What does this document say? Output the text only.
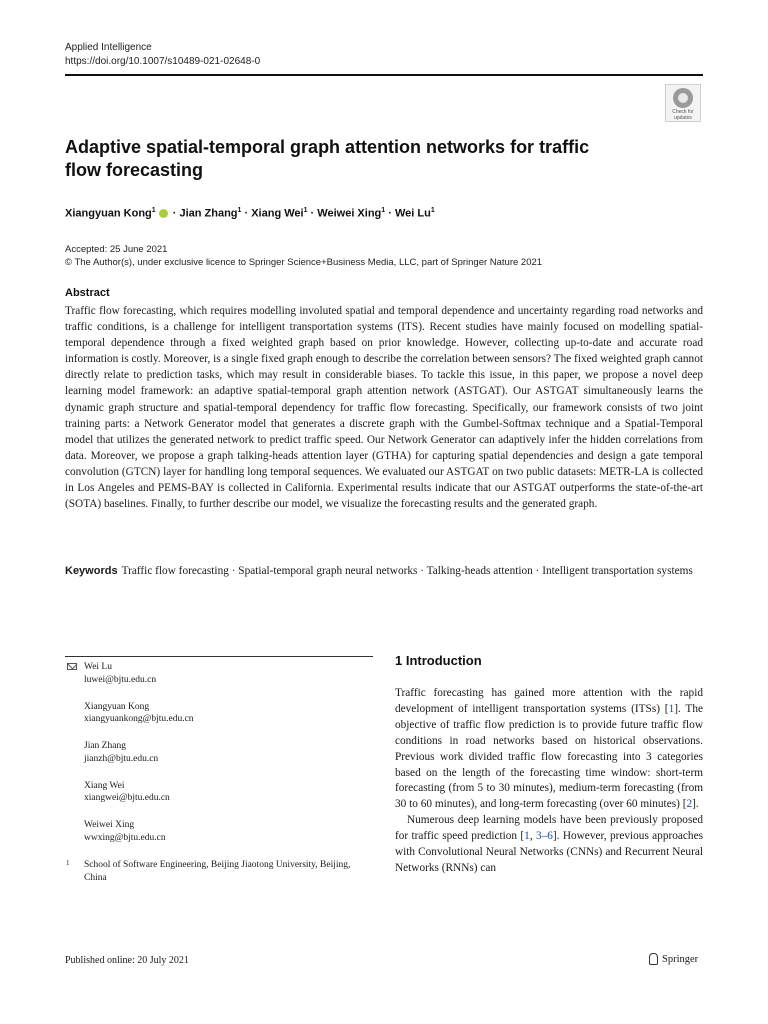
Applied Intelligence
https://doi.org/10.1007/s10489-021-02648-0
Check for
updates
Adaptive spatial-temporal graph attention networks for traffic flow forecasting
Xiangyuan Kong$^1$ · Jian Zhang$^1$ · Xiang Wei$^1$ · Weiwei Xing$^1$ · Wei Lu$^1$
Accepted: 25 June 2021
© The Author(s), under exclusive licence to Springer Science+Business Media, LLC, part of Springer Nature 2021
Abstract

Traffic flow forecasting, which requires modelling involuted spatial and temporal dependence and uncertainty regarding road networks and traffic conditions, is a challenge for intelligent transportation systems (ITS). Recent studies have mainly focused on modelling spatial-temporal dependence through a fixed weighted graph based on prior knowledge. However, collecting up-to-date and accurate road information is costly. Moreover, is a single fixed graph enough to describe the correlation between sensors? The fixed weighted graph cannot directly relate to prediction tasks, which may result in considerable biases. To tackle this issue, in this paper, we propose a novel deep learning model framework: an adaptive spatial-temporal graph attention network (ASTGAT). Our ASTGAT simultaneously learns the dynamic graph structure and spatial-temporal dependency for traffic flow forecasting. Specifically, our framework consists of two joint training parts: a Network Generator model that generates a discrete graph with the Gumbel-Softmax technique and a Spatial-Temporal model that utilizes the generated network to predict traffic speed. Our Network Generator can adaptively infer the hidden correlations from data. Moreover, we propose a graph talking-heads attention layer (GTHA) for capturing spatial dependencies and design a gate temporal convolution (GTCN) layer for handling long temporal sequences. We evaluated our ASTGAT on two public datasets: METR-LA is collected in Los Angeles and PEMS-BAY is collected in California. Experimental results indicate that our ASTGAT outperforms the state-of-the-art (SOTA) baselines. Finally, to further describe our model, we visualize the forecasting results and the generated graph.

Keywords Traffic flow forecasting · Spatial-temporal graph neural networks · Talking-heads attention · Intelligent transportation systems

Wei Lu
luwei@bjtu.edu.cn
Xiangyuan Kong
xiangyuankong@bjtu.edu.cn
Jian Zhang
jianzh@bjtu.edu.cn
Xiang Wei
xiangwei@bjtu.edu.cn
Weiwei Xing
wwxing@bjtu.edu.cn
1 School of Software Engineering, Beijing Jiaotong University, Beijing, China
1 Introduction

Traffic forecasting has gained more attention with the rapid development of intelligent transportation systems (ITSs) [1]. The objective of traffic flow prediction is to provide future traffic flow conditions in road networks based on historical observations. Previous work divided traffic flow forecasting into 3 categories based on the length of the forecasting time window: short-term forecasting (from 5 to 30 minutes), medium-term forecasting (from 30 to 60 minutes), and long-term forecasting (over 60 minutes) [2].

Numerous deep learning models have been previously proposed for traffic speed prediction [1, 3–6]. However, previous approaches with Convolutional Neural Networks (CNNs) and Recurrent Neural Networks (RNNs) can

Published online: 20 July 2021	Springer
